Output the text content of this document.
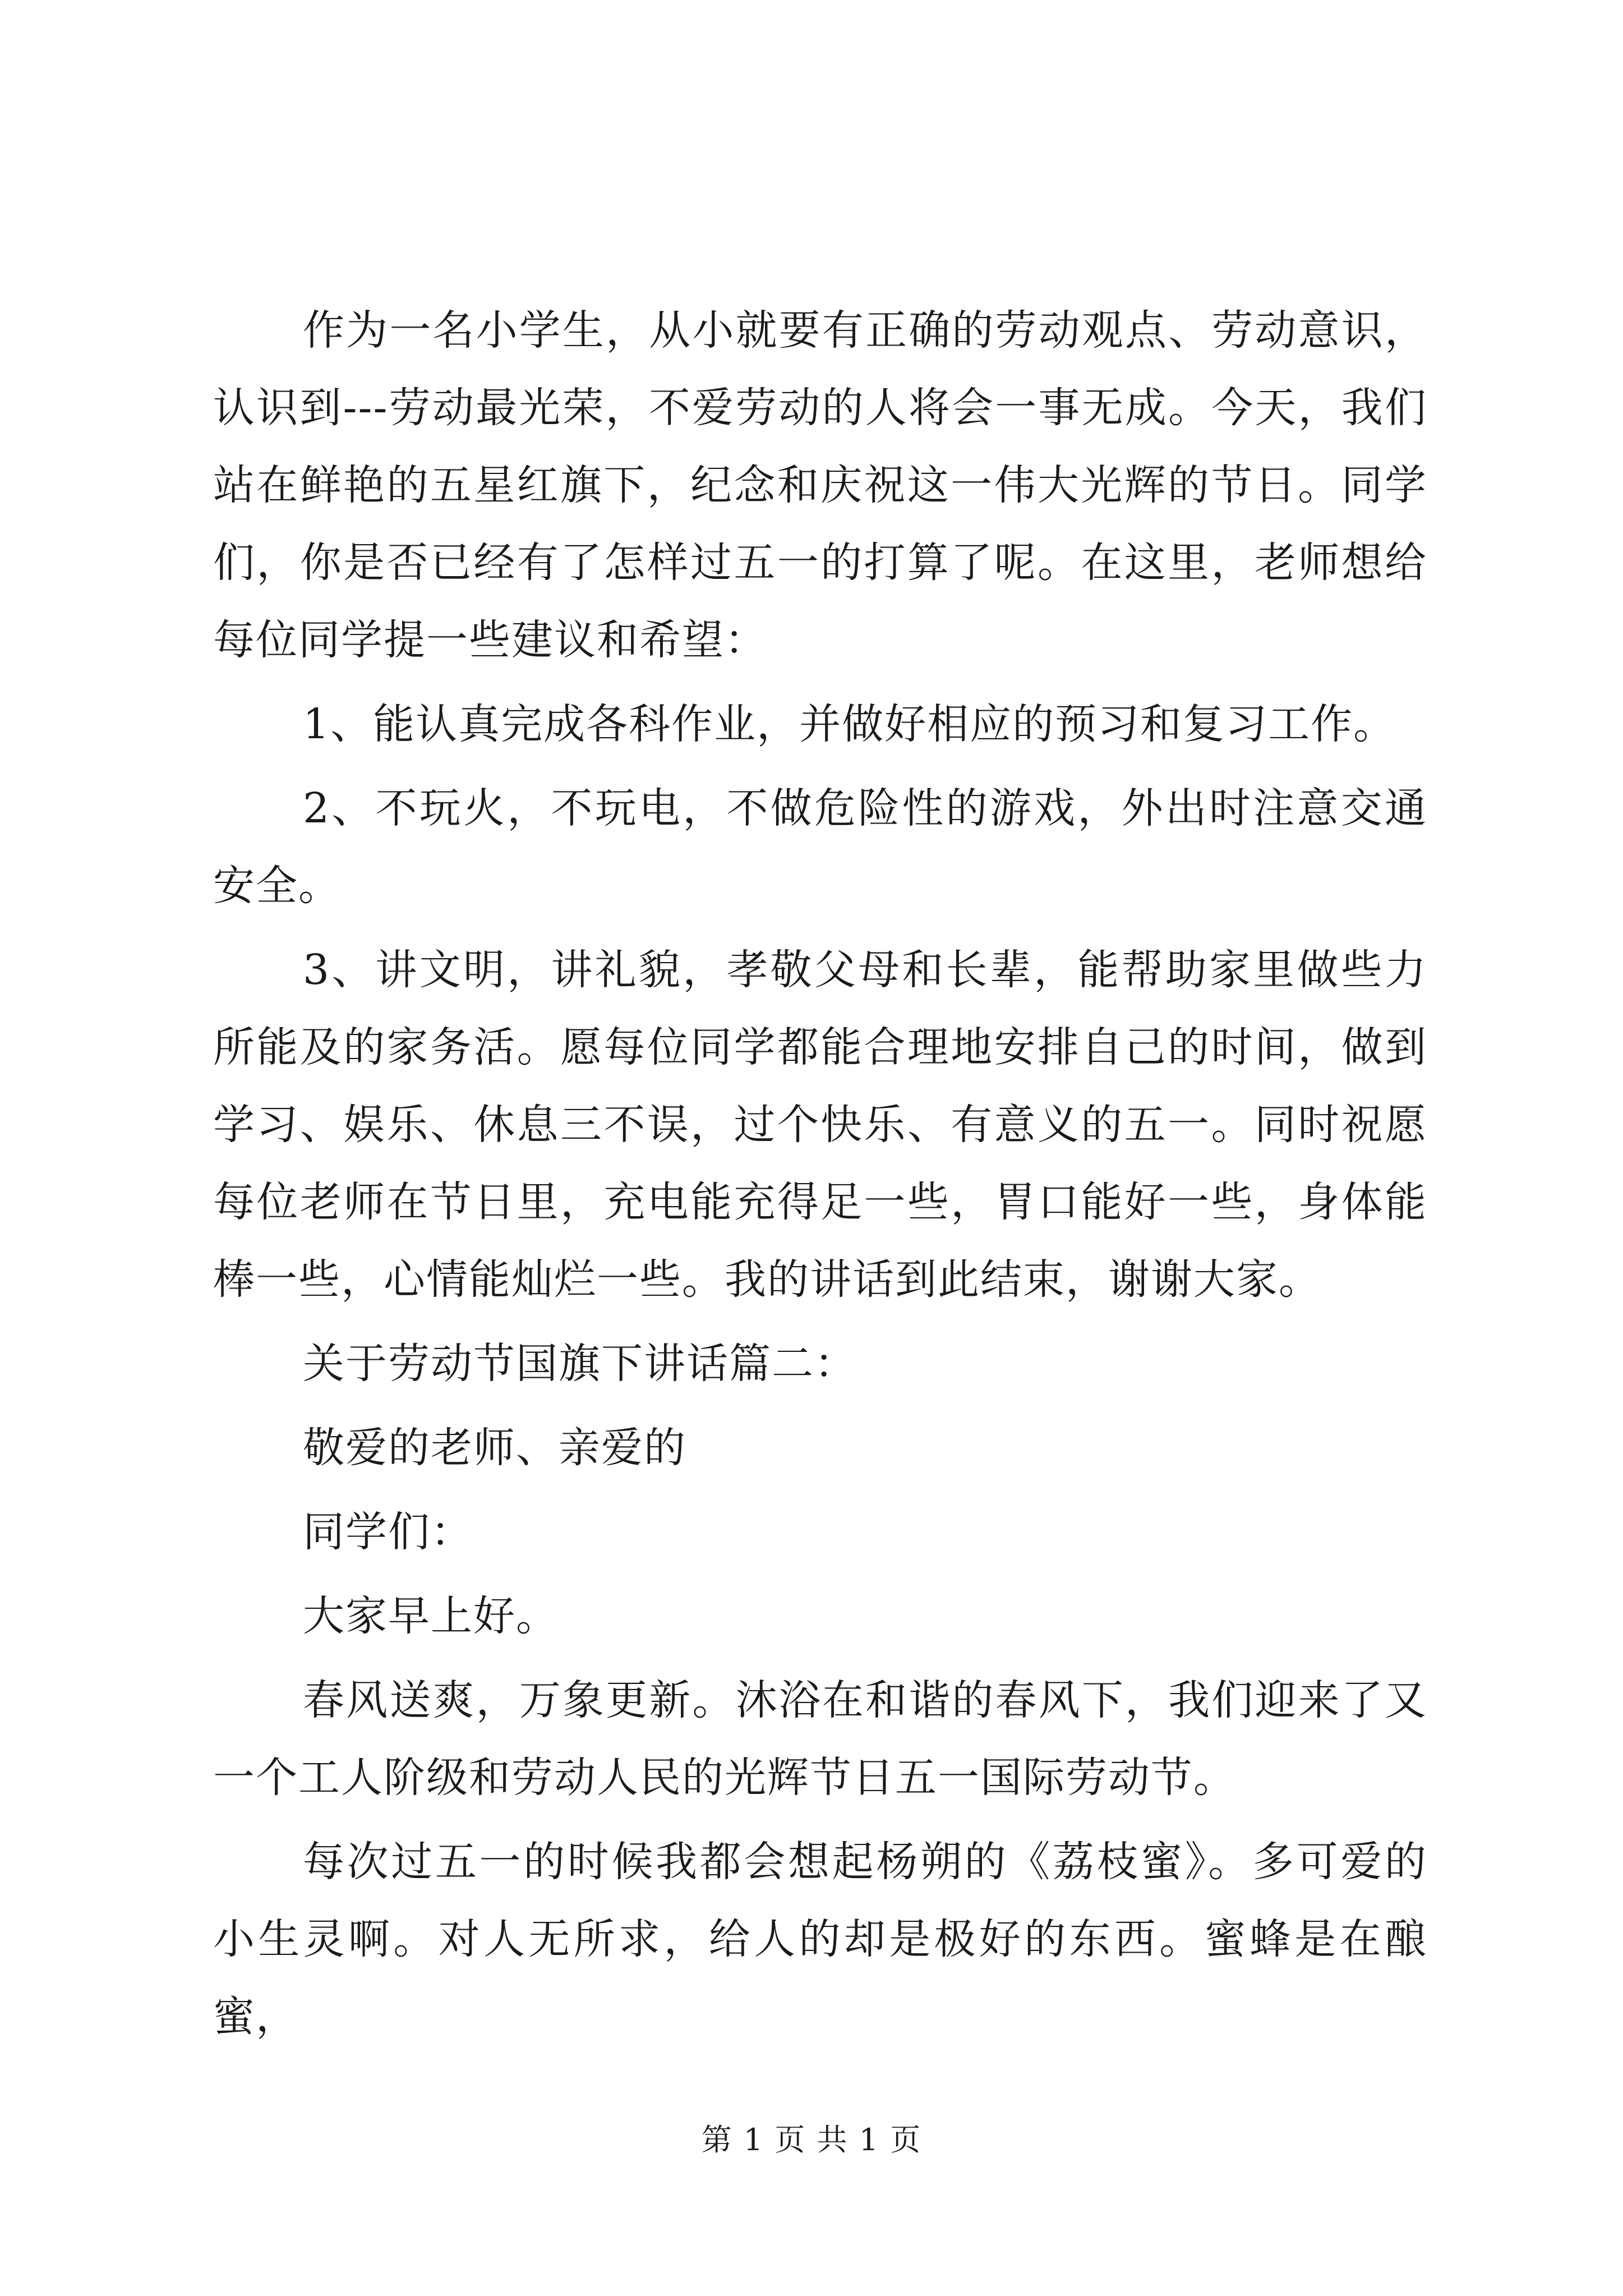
作为一名小学生，从小就要有正确的劳动观点、劳动意识，认识到---劳动最光荣，不爱劳动的人将会一事无成。今天，我们站在鲜艳的五星红旗下，纪念和庆祝这一伟大光辉的节日。同学们，你是否已经有了怎样过五一的打算了呢。在这里，老师想给每位同学提一些建议和希望：

1、能认真完成各科作业，并做好相应的预习和复习工作。

2、不玩火，不玩电，不做危险性的游戏，外出时注意交通安全。

3、讲文明，讲礼貌，孝敬父母和长辈，能帮助家里做些力所能及的家务活。愿每位同学都能合理地安排自己的时间，做到学习、娱乐、休息三不误，过个快乐、有意义的五一。同时祝愿每位老师在节日里，充电能充得足一些，胃口能好一些，身体能棒一些，心情能灿烂一些。我的讲话到此结束，谢谢大家。

关于劳动节国旗下讲话篇二：

敬爱的老师、亲爱的

同学们：

大家早上好。

春风送爽，万象更新。沐浴在和谐的春风下，我们迎来了又一个工人阶级和劳动人民的光辉节日五一国际劳动节。

每次过五一的时候我都会想起杨朔的《荔枝蜜》。多可爱的小生灵啊。对人无所求，给人的却是极好的东西。蜜蜂是在酿蜜，

第 1 页 共 1 页
